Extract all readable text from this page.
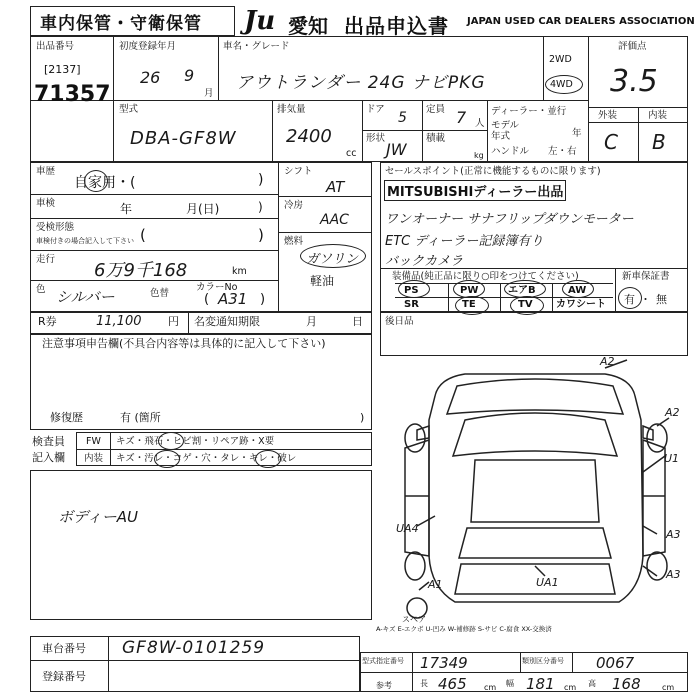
車内保管・守衛保管 Ju 愛知 出品申込書 JAPAN USED CAR DEALERS ASSOCIATION
出品番号
[2137]
71357
初度登録年月
26 9
月
車名・グレード
アウトランダー 24G ナビPKG
2WD
4WD
評価点
3.5
外装	内装
C B
型式
DBA-GF8W
排気量
2400
cc
ドア
5
形状
JW
定員 7 人
積載
kg
ディーラー・並行
モデル 年式	年
ハンドル 左・右
車歴
自家用・(	)
車検	年	月(日)	)
受検形態
車検付きの場合記入して下さい (	)
走行
6万9千168	km
色 シルバー	色替
カラーNo
( A31 )
シフト
AT
冷房
AAC
燃料
ガソリン
軽油
セールスポイント(正常に機能するものに限ります)
MITSUBISHIディーラー出品
ワンオーナー サナフリップダウンモーター
ETC ディーラー記録簿有り
バックカメラ
装備品(純正品に限り○印をつけてください)
PS	PW	エアB	AW
SR	TE	TV カワシート
新車保証書
有 ・ 無
R券	11,100 円 名変通知期限	月	日 後日品
注意事項申告欄(不具合内容等は具体的に記入して下さい)
修復歴	有 (箇所	)
検査員
記入欄
FW キズ・飛石・ヒビ割・リペア跡・X要
内装 キズ・汚レ・コゲ・穴・タレ・キレ・破レ
ボディーAU
A2
A2
U1
UA4	A3
A3
A1	UA1
スペア
A-キズ E-エクボ U-凹み W-補修跡 S-サビ C-腐食 XX-交換済
車台番号 GF8W-0101259
登録番号
型式指定番号 17349	類別区分番号 0067
参考	長 465 cm 幅 181 cm 高 168	cm
